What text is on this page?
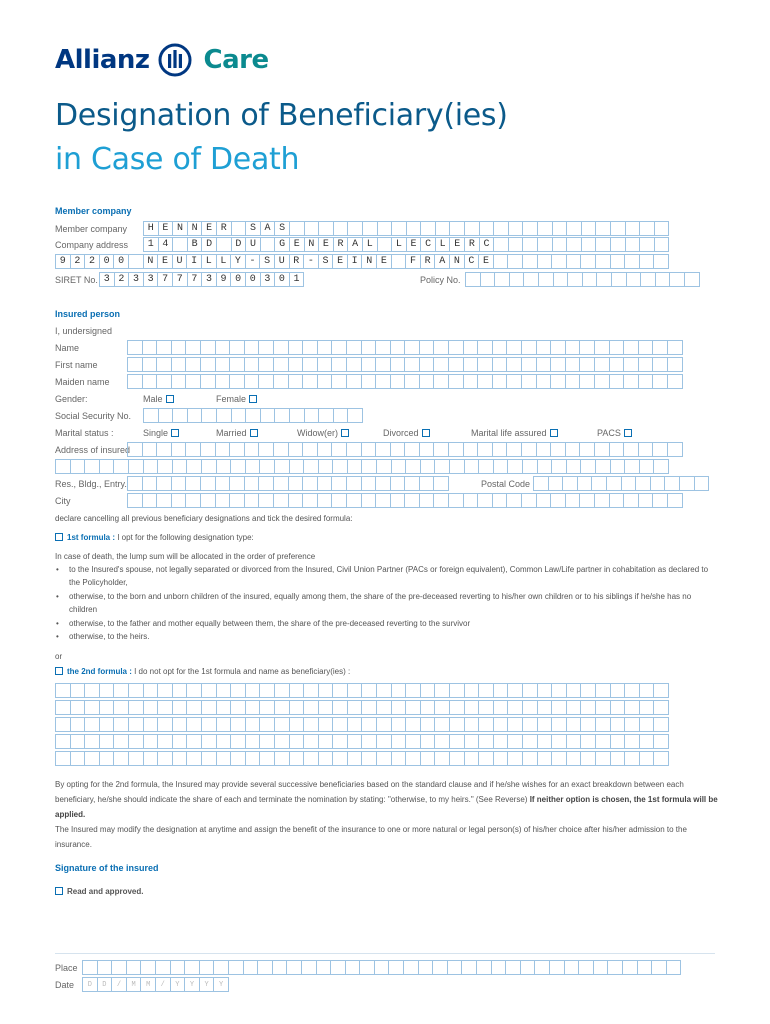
Allianz Care
Designation of Beneficiary(ies)
in Case of Death
Member company
Member company	H E N N E R	S A S
Company address	1 4	B D	D U	G E N E R A L	L E C L E R C
9 2 2 0 0	N E U I L L Y - S U R - S E I N E	F R A N C E
SIRET No. 3 2 3 3 7 7 7 3 9 0 0 3 0 1	Policy No.
Insured person
I, undersigned
Name
First name
Maiden name
Gender:	Male	Female
Social Security No.
Marital status :	Single	Married	Widow(er)	Divorced	Marital life assured	PACS
Address of insured
Res., Bldg., Entry.	Postal Code
City
declare cancelling all previous beneficiary designations and tick the desired formula:
1st formula : I opt for the following designation type:
In case of death, the lump sum will be allocated in the order of preference
• to the Insured's spouse, not legally separated or divorced from the Insured, Civil Union Partner (PACs or foreign equivalent), Common Law/Life partner in cohabitation as declared to the Policyholder,
• otherwise, to the born and unborn children of the insured, equally among them, the share of the pre-deceased reverting to his/her own children or to his siblings if he/she has no children
• otherwise, to the father and mother equally between them, the share of the pre-deceased reverting to the survivor
• otherwise, to the heirs.
or
the 2nd formula : I do not opt for the 1st formula and name as beneficiary(ies) :
By opting for the 2nd formula, the Insured may provide several successive beneficiaries based on the standard clause and if he/she wishes for an exact breakdown between each beneficiary, he/she should indicate the share of each and terminate the nomination by stating: "otherwise, to my heirs." (See Reverse) If neither option is chosen, the 1st formula will be applied.
The Insured may modify the designation at anytime and assign the benefit of the insurance to one or more natural or legal person(s) of his/her choice after his/her admission to the insurance.
Signature of the insured
Read and approved.
Place
Date	D	D	/	M	M	/	Y	Y	Y	Y
